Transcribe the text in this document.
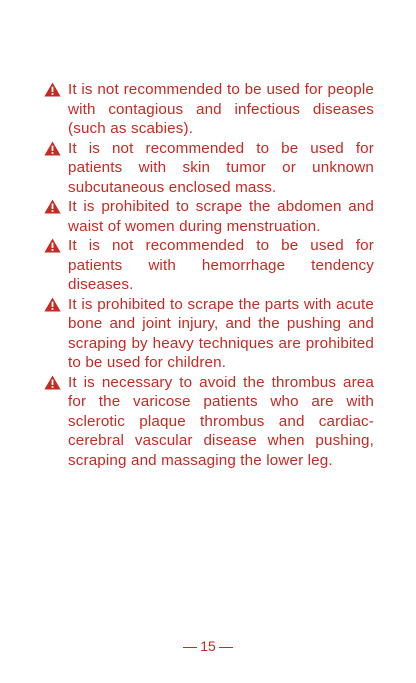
It is not recommended to be used for people with contagious and infectious diseases (such as scabies).
It is not recommended to be used for patients with skin tumor or unknown subcutaneous enclosed mass.
It is prohibited to scrape the abdomen and waist of women during menstruation.
It is not recommended to be used for patients with hemorrhage tendency diseases.
It is prohibited to scrape the parts with acute bone and joint injury, and the pushing and scraping by heavy techniques are prohibited to be used for children.
It is necessary to avoid the thrombus area for the varicose patients who are with sclerotic plaque thrombus and cardiac-cerebral vascular disease when pushing, scraping and massaging the lower leg.
15
